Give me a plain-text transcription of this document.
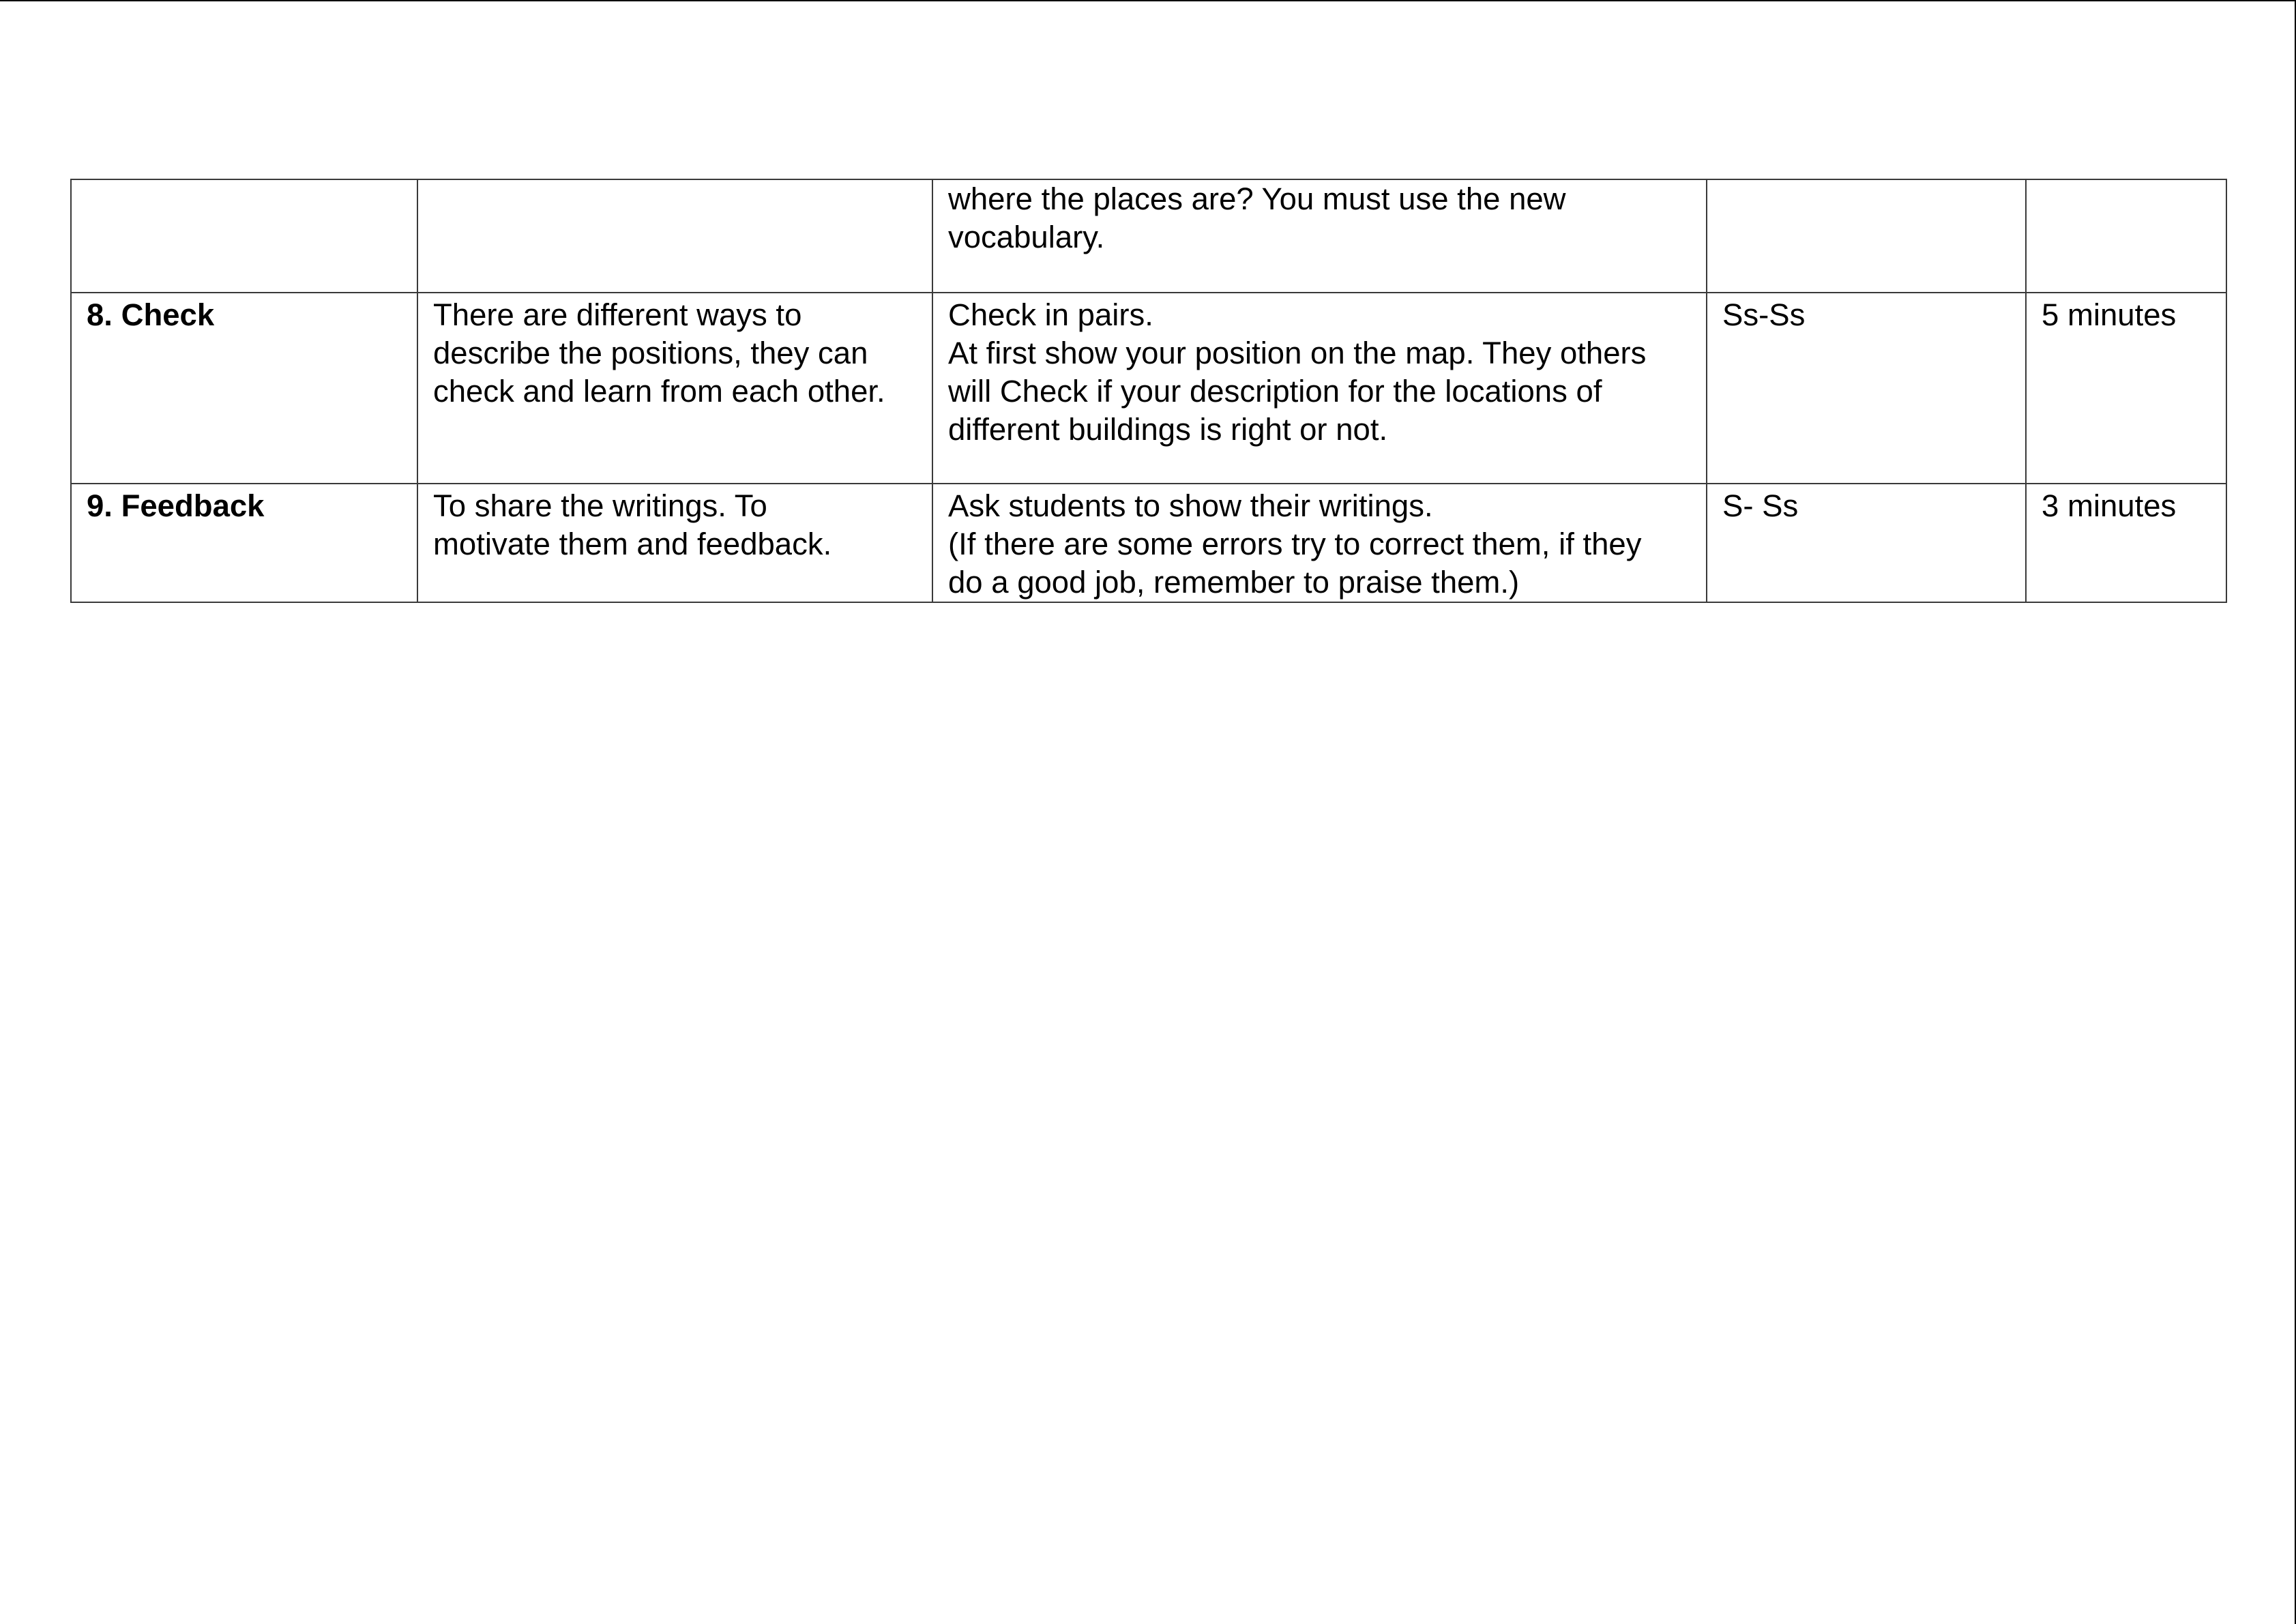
		where the places are? You must use the new
vocabulary.		

8. Check	There are different ways to
describe the positions, they can
check and learn from each other.	Check in pairs.
At first show your position on the map. They others
will Check if your description for the locations of
different buildings is right or not.	Ss-Ss	5 minutes
9. Feedback	To share the writings. To
motivate them and feedback.	Ask students to show their writings.
(If there are some errors try to correct them, if they
do a good job, remember to praise them.)	S- Ss	3 minutes
